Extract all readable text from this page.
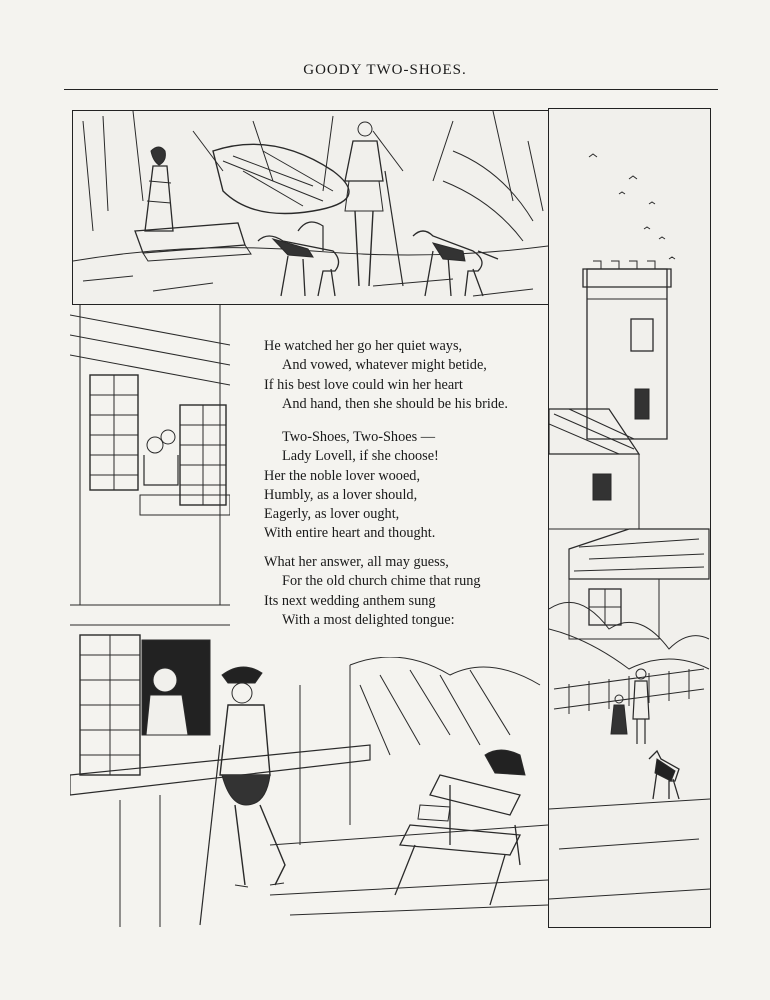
GOODY TWO-SHOES.
He watched her go her quiet ways,
And vowed, whatever might betide,
If his best love could win her heart
And hand, then she should be his bride.
Two-Shoes, Two-Shoes —
Lady Lovell, if she choose!
Her the noble lover wooed,
Humbly, as a lover should,
Eagerly, as lover ought,
With entire heart and thought.
What her answer, all may guess,
For the old church chime that rung
Its next wedding anthem sung
With a most delighted tongue:
